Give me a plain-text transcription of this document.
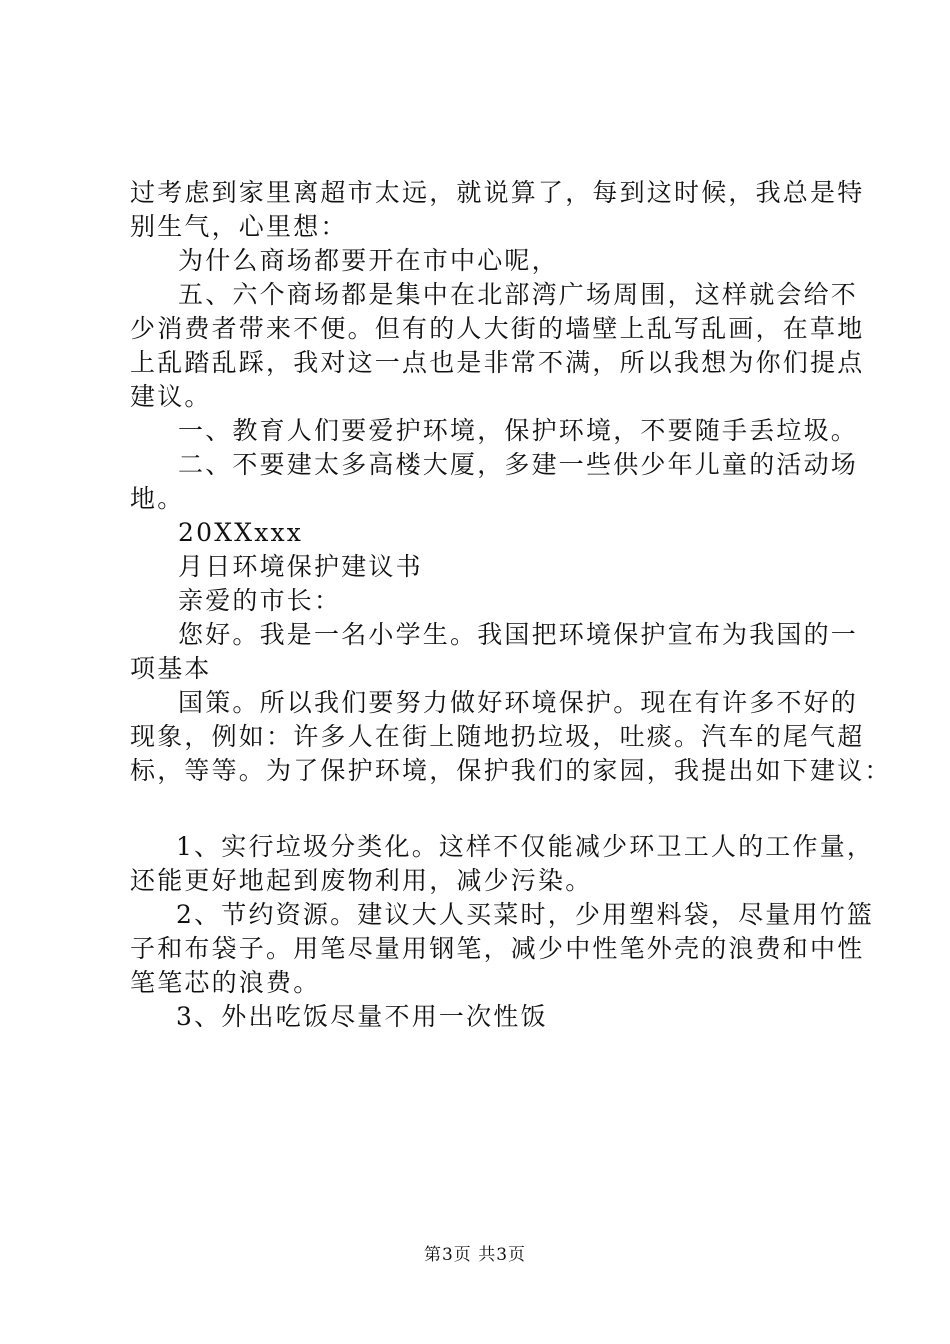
过考虑到家里离超市太远，就说算了，每到这时候，我总是特
别生气，心里想：
为什么商场都要开在市中心呢，
五、六个商场都是集中在北部湾广场周围，这样就会给不
少消费者带来不便。但有的人大街的墙壁上乱写乱画，在草地
上乱踏乱踩，我对这一点也是非常不满，所以我想为你们提点
建议。
一、教育人们要爱护环境，保护环境，不要随手丢垃圾。
二、不要建太多高楼大厦，多建一些供少年儿童的活动场
地。
20XXxxx
月日环境保护建议书
亲爱的市长：
您好。我是一名小学生。我国把环境保护宣布为我国的一
项基本
国策。所以我们要努力做好环境保护。现在有许多不好的
现象，例如：许多人在街上随地扔垃圾，吐痰。汽车的尾气超
标，等等。为了保护环境，保护我们的家园，我提出如下建议：
1、实行垃圾分类化。这样不仅能减少环卫工人的工作量，
还能更好地起到废物利用，减少污染。
2、节约资源。建议大人买菜时，少用塑料袋，尽量用竹篮
子和布袋子。用笔尽量用钢笔，减少中性笔外壳的浪费和中性
笔笔芯的浪费。
3、外出吃饭尽量不用一次性饭
第3页 共3页
